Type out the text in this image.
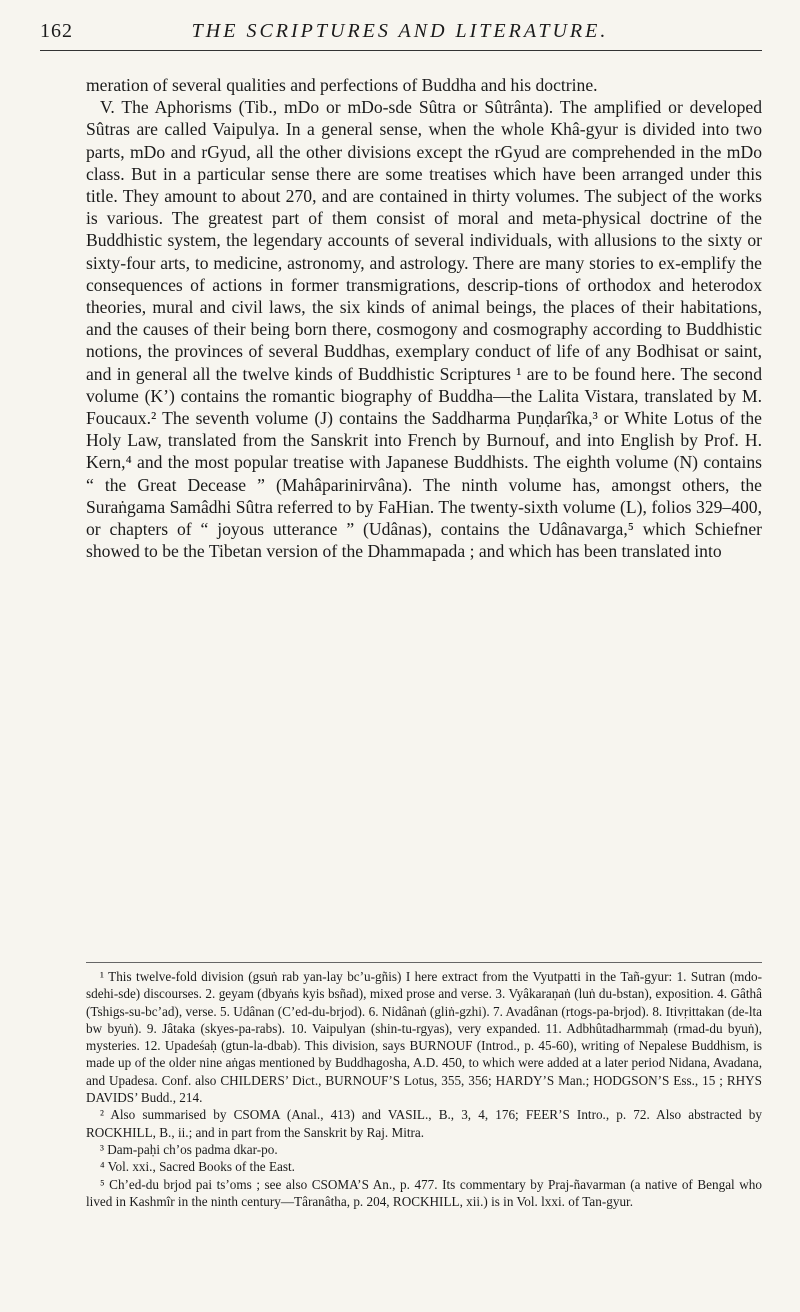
162	THE SCRIPTURES AND LITERATURE.

meration of several qualities and perfections of Buddha and his doctrine.

V. The Aphorisms (Tib., mDo or mDo-sde Sûtra or Sûtrânta). The amplified or developed Sûtras are called Vaipulya. In a general sense, when the whole Khâ-gyur is divided into two parts, mDo and rGyud, all the other divisions except the rGyud are comprehended in the mDo class. But in a particular sense there are some treatises which have been arranged under this title. They amount to about 270, and are contained in thirty volumes. The subject of the works is various. The greatest part of them consist of moral and meta-physical doctrine of the Buddhistic system, the legendary accounts of several individuals, with allusions to the sixty or sixty-four arts, to medicine, astronomy, and astrology. There are many stories to ex-emplify the consequences of actions in former transmigrations, descrip-tions of orthodox and heterodox theories, mural and civil laws, the six kinds of animal beings, the places of their habitations, and the causes of their being born there, cosmogony and cosmography according to Buddhistic notions, the provinces of several Buddhas, exemplary conduct of life of any Bodhisat or saint, and in general all the twelve kinds of Buddhistic Scriptures ¹ are to be found here. The second volume (K’) contains the romantic biography of Buddha—the Lalita Vistara, translated by M. Foucaux.² The seventh volume (J) contains the Saddharma Puṇḍarîka,³ or White Lotus of the Holy Law, translated from the Sanskrit into French by Burnouf, and into English by Prof. H. Kern,⁴ and the most popular treatise with Japanese Buddhists. The eighth volume (N) contains “ the Great Decease ” (Mahâparinirvâna). The ninth volume has, amongst others, the Suraṅgama Samâdhi Sûtra referred to by FaHian. The twenty-sixth volume (L), folios 329–400, or chapters of “ joyous utterance ” (Udânas), contains the Udânavarga,⁵ which Schiefner showed to be the Tibetan version of the Dhammapada ; and which has been translated into

¹ This twelve-fold division (gsuṅ rab yan-lay bc’u-gñis) I here extract from the Vyutpatti in the Tañ-gyur: 1. Sutran (mdo-sdehi-sde) discourses. 2. geyam (dbyaṅs kyis bsñad), mixed prose and verse. 3. Vyâkaraṇaṅ (luṅ du-bstan), exposition. 4. Gâthâ (Tshigs-su-bc’ad), verse. 5. Udânan (C’ed-du-brjod). 6. Nidânaṅ (gliṅ-gzhi). 7. Avadânan (rtogs-pa-brjod). 8. Itivṛittakan (de-lta bw byuṅ). 9. Jâtaka (skyes-pa-rabs). 10. Vaipulyan (shin-tu-rgyas), very expanded. 11. Adbhûtadharmmaḥ (rmad-du byuṅ), mysteries. 12. Upadeśaḥ (gtun-la-dbab). This division, says BURNOUF (Introd., p. 45-60), writing of Nepalese Buddhism, is made up of the older nine aṅgas mentioned by Buddhagosha, A.D. 450, to which were added at a later period Nidana, Avadana, and Upadesa. Conf. also CHILDERS’ Dict., BURNOUF’S Lotus, 355, 356; HARDY’S Man.; HODGSON’S Ess., 15 ; RHYS DAVIDS’ Budd., 214.

² Also summarised by CSOMA (Anal., 413) and VASIL., B., 3, 4, 176; FEER’S Intro., p. 72. Also abstracted by ROCKHILL, B., ii.; and in part from the Sanskrit by Raj. Mitra.

³ Dam-paḥi ch’os padma dkar-po.

⁴ Vol. xxi., Sacred Books of the East.

⁵ Ch’ed-du brjod pai ts’oms ; see also CSOMA’S An., p. 477. Its commentary by Praj-ñavarman (a native of Bengal who lived in Kashmîr in the ninth century—Târanâtha, p. 204, ROCKHILL, xii.) is in Vol. lxxi. of Tan-gyur.
